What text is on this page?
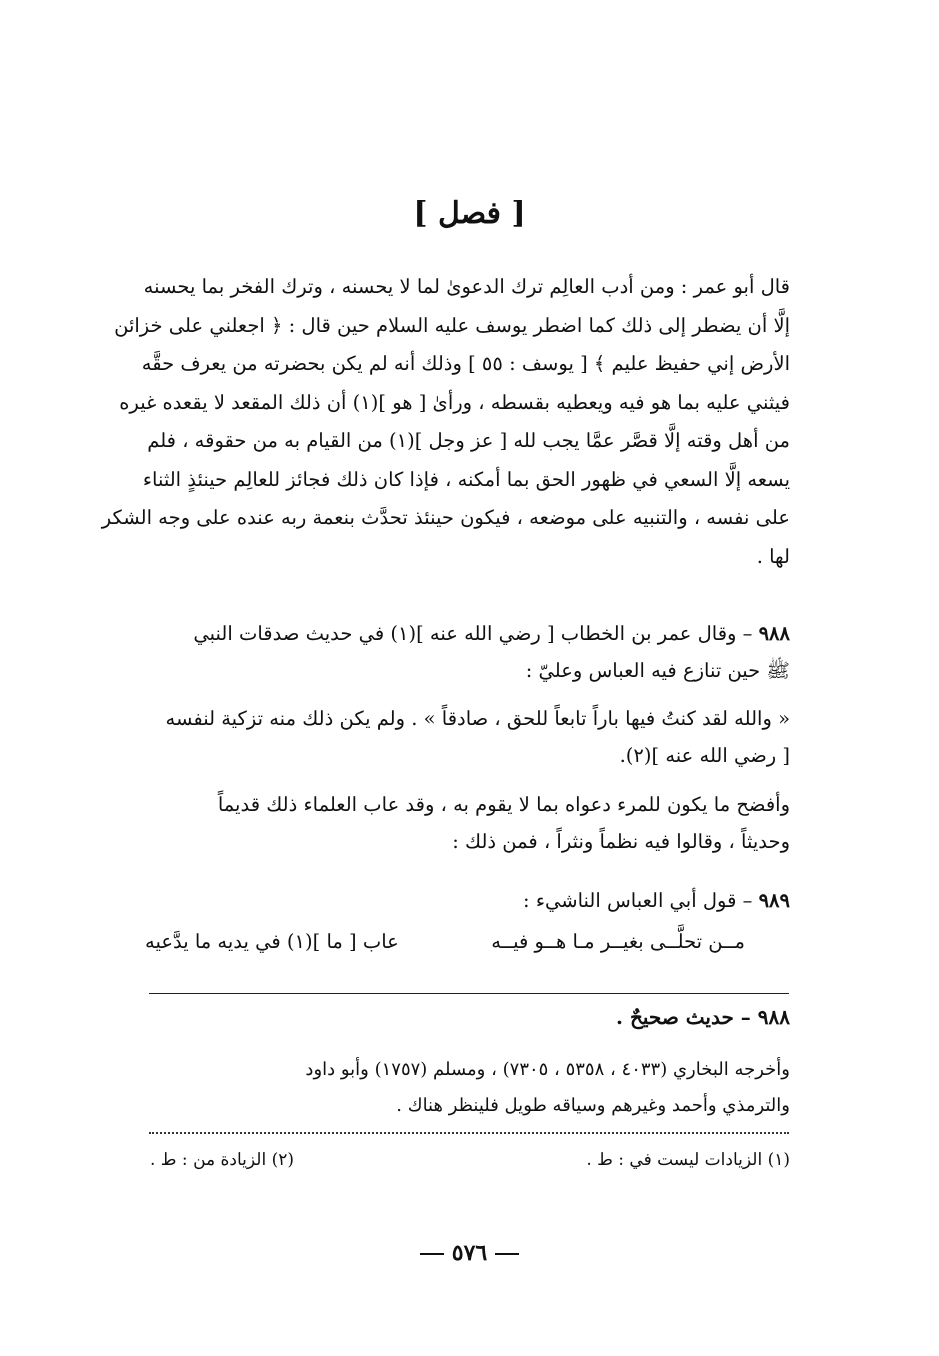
[ فصل ]
قال أبو عمر : ومن أدب العالِم ترك الدعوىٰ لما لا يحسنه ، وترك الفخر بما يحسنه
إلَّا أن يضطر إلى ذلك كما اضطر يوسف عليه السلام حين قال : ﴿ اجعلني على خزائن
الأرض إني حفيظ عليم ﴾ [ يوسف : ٥٥ ] وذلك أنه لم يكن بحضرته من يعرف حقَّه
فيثني عليه بما هو فيه ويعطيه بقسطه ، ورأىٰ [ هو ](١) أن ذلك المقعد لا يقعده غيره
من أهل وقته إلَّا قصَّر عمَّا يجب لله [ عز وجل ](١) من القيام به من حقوقه ، فلم
يسعه إلَّا السعي في ظهور الحق بما أمكنه ، فإذا كان ذلك فجائز للعالِم حينئذٍ الثناء
على نفسه ، والتنبيه على موضعه ، فيكون حينئذ تحدَّث بنعمة ربه عنده على وجه الشكر
لها .
٩٨٨ – وقال عمر بن الخطاب [ رضي الله عنه ](١) في حديث صدقات النبي
ﷺ حين تنازع فيه العباس وعليّ :
« والله لقد كنتُ فيها باراً تابعاً للحق ، صادقاً » . ولم يكن ذلك منه تزكية لنفسه
[ رضي الله عنه ](٢).
وأفضح ما يكون للمرء دعواه بما لا يقوم به ، وقد عاب العلماء ذلك قديماً
وحديثاً ، وقالوا فيه نظماً ونثراً ، فمن ذلك :
٩٨٩ – قول أبي العباس الناشيء :
مــن تحلَّــى بغيــر مـا هــو فيــه
عاب [ ما ](١) في يديه ما يدَّعيه
٩٨٨ – حديث صحيحٌ .
وأخرجه البخاري (٤٠٣٣ ، ٥٣٥٨ ، ٧٣٠٥) ، ومسلم (١٧٥٧) وأبو داود
والترمذي وأحمد وغيرهم وسياقه طويل فلينظر هناك .
(١) الزيادات ليست في : ط .
(٢) الزيادة من : ط .
٥٧٦
